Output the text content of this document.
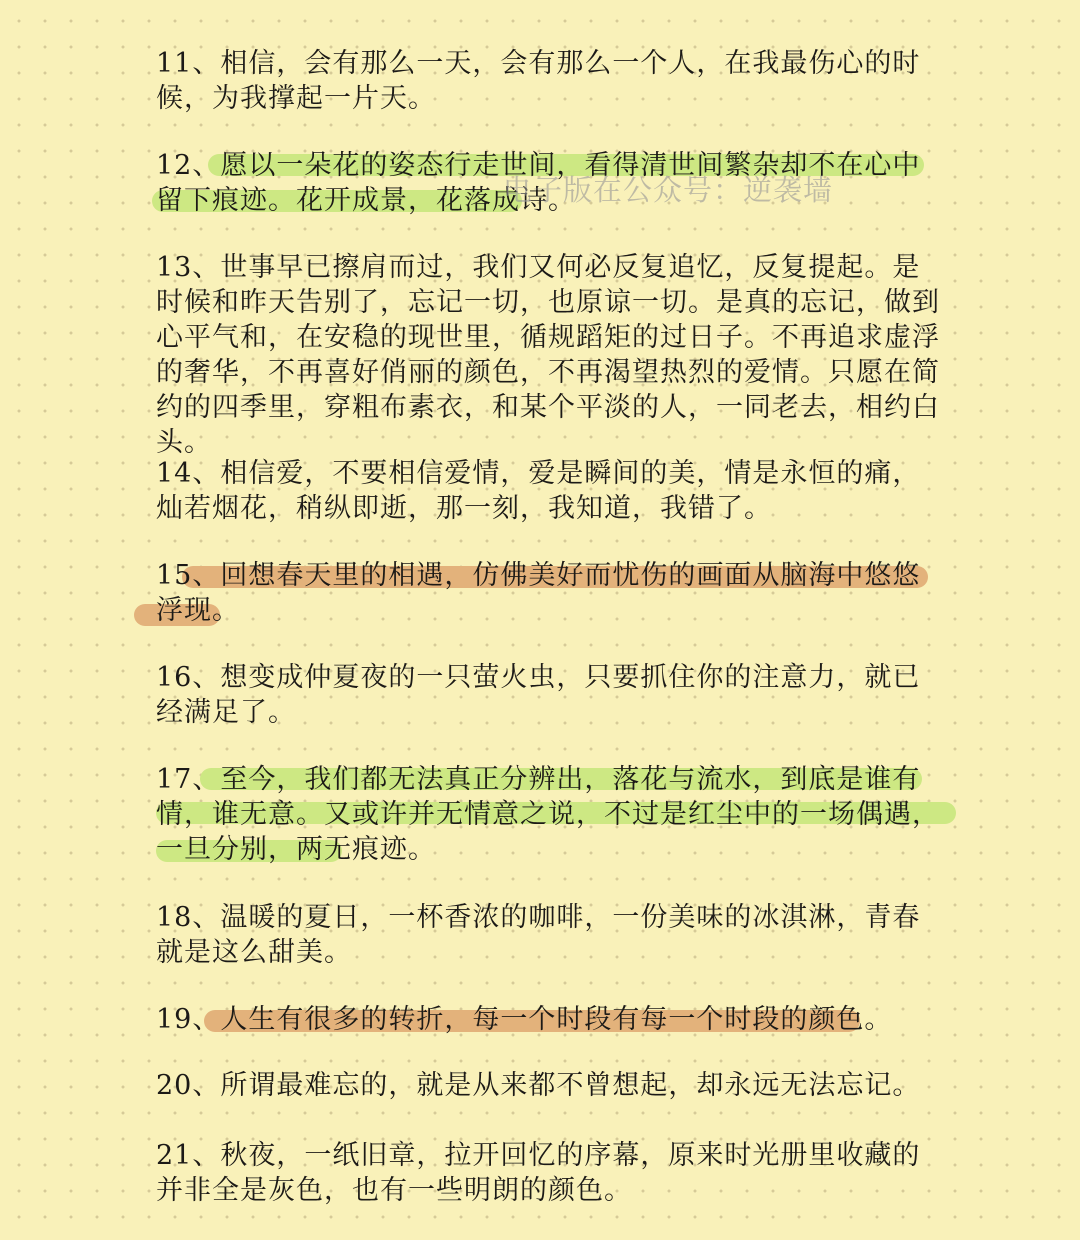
11、相信，会有那么一天，会有那么一个人，在我最伤心的时候，为我撑起一片天。

12、愿以一朵花的姿态行走世间，看得清世间繁杂却不在心中留下痕迹。花开成景，花落成诗。

13、世事早已擦肩而过，我们又何必反复追忆，反复提起。是时候和昨天告别了，忘记一切，也原谅一切。是真的忘记，做到心平气和，在安稳的现世里，循规蹈矩的过日子。不再追求虚浮的奢华，不再喜好俏丽的颜色，不再渴望热烈的爱情。只愿在简约的四季里，穿粗布素衣，和某个平淡的人，一同老去，相约白头。

14、相信爱，不要相信爱情，爱是瞬间的美，情是永恒的痛，灿若烟花，稍纵即逝，那一刻，我知道，我错了。

15、回想春天里的相遇，仿佛美好而忧伤的画面从脑海中悠悠浮现。

16、想变成仲夏夜的一只萤火虫，只要抓住你的注意力，就已经满足了。

17、至今，我们都无法真正分辨出，落花与流水，到底是谁有情，谁无意。又或许并无情意之说，不过是红尘中的一场偶遇，一旦分别，两无痕迹。

18、温暖的夏日，一杯香浓的咖啡，一份美味的冰淇淋，青春就是这么甜美。

19、人生有很多的转折，每一个时段有每一个时段的颜色。

20、所谓最难忘的，就是从来都不曾想起，却永远无法忘记。

21、秋夜，一纸旧章，拉开回忆的序幕，原来时光册里收藏的并非全是灰色，也有一些明朗的颜色。

电子版在公众号：逆袭墙
